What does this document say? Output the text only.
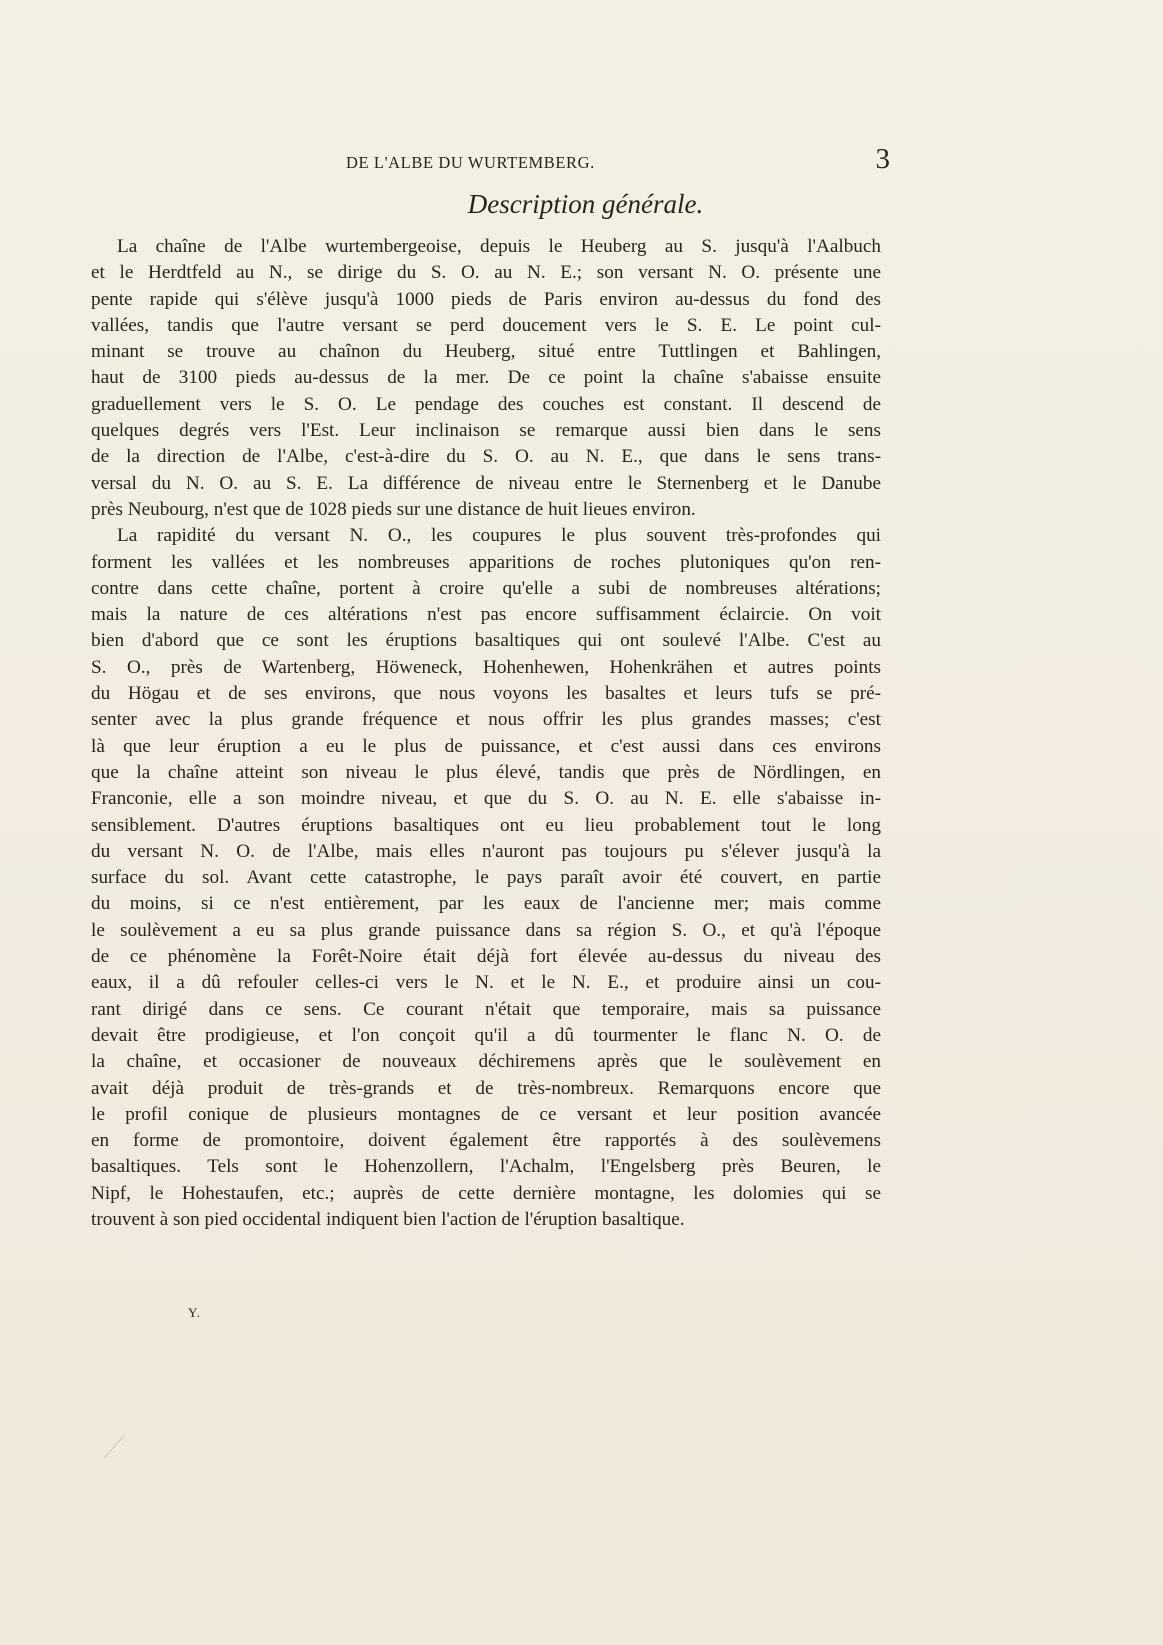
DE L'ALBE DU WURTEMBERG.	3
Description générale.
La chaîne de l'Albe wurtembergeoise, depuis le Heuberg au S. jusqu'à l'Aalbuch
et le Herdtfeld au N., se dirige du S. O. au N. E.; son versant N. O. présente une
pente rapide qui s'élève jusqu'à 1000 pieds de Paris environ au-dessus du fond des
vallées, tandis que l'autre versant se perd doucement vers le S. E. Le point cul-
minant se trouve au chaînon du Heuberg, situé entre Tuttlingen et Bahlingen,
haut de 3100 pieds au-dessus de la mer. De ce point la chaîne s'abaisse ensuite
graduellement vers le S. O. Le pendage des couches est constant. Il descend de
quelques degrés vers l'Est. Leur inclinaison se remarque aussi bien dans le sens
de la direction de l'Albe, c'est-à-dire du S. O. au N. E., que dans le sens trans-
versal du N. O. au S. E. La différence de niveau entre le Sternenberg et le Danube
près Neubourg, n'est que de 1028 pieds sur une distance de huit lieues environ.
La rapidité du versant N. O., les coupures le plus souvent très-profondes qui
forment les vallées et les nombreuses apparitions de roches plutoniques qu'on ren-
contre dans cette chaîne, portent à croire qu'elle a subi de nombreuses altérations;
mais la nature de ces altérations n'est pas encore suffisamment éclaircie. On voit
bien d'abord que ce sont les éruptions basaltiques qui ont soulevé l'Albe. C'est au
S. O., près de Wartenberg, Höweneck, Hohenhewen, Hohenkrähen et autres points
du Högau et de ses environs, que nous voyons les basaltes et leurs tufs se pré-
senter avec la plus grande fréquence et nous offrir les plus grandes masses; c'est
là que leur éruption a eu le plus de puissance, et c'est aussi dans ces environs
que la chaîne atteint son niveau le plus élevé, tandis que près de Nördlingen, en
Franconie, elle a son moindre niveau, et que du S. O. au N. E. elle s'abaisse in-
sensiblement. D'autres éruptions basaltiques ont eu lieu probablement tout le long
du versant N. O. de l'Albe, mais elles n'auront pas toujours pu s'élever jusqu'à la
surface du sol. Avant cette catastrophe, le pays paraît avoir été couvert, en partie
du moins, si ce n'est entièrement, par les eaux de l'ancienne mer; mais comme
le soulèvement a eu sa plus grande puissance dans sa région S. O., et qu'à l'époque
de ce phénomène la Forêt-Noire était déjà fort élevée au-dessus du niveau des
eaux, il a dû refouler celles-ci vers le N. et le N. E., et produire ainsi un cou-
rant dirigé dans ce sens. Ce courant n'était que temporaire, mais sa puissance
devait être prodigieuse, et l'on conçoit qu'il a dû tourmenter le flanc N. O. de
la chaîne, et occasioner de nouveaux déchiremens après que le soulèvement en
avait déjà produit de très-grands et de très-nombreux. Remarquons encore que
le profil conique de plusieurs montagnes de ce versant et leur position avancée
en forme de promontoire, doivent également être rapportés à des soulèvemens
basaltiques. Tels sont le Hohenzollern, l'Achalm, l'Engelsberg près Beuren, le
Nipf, le Hohestaufen, etc.; auprès de cette dernière montagne, les dolomies qui se
trouvent à son pied occidental indiquent bien l'action de l'éruption basaltique.
Y.
